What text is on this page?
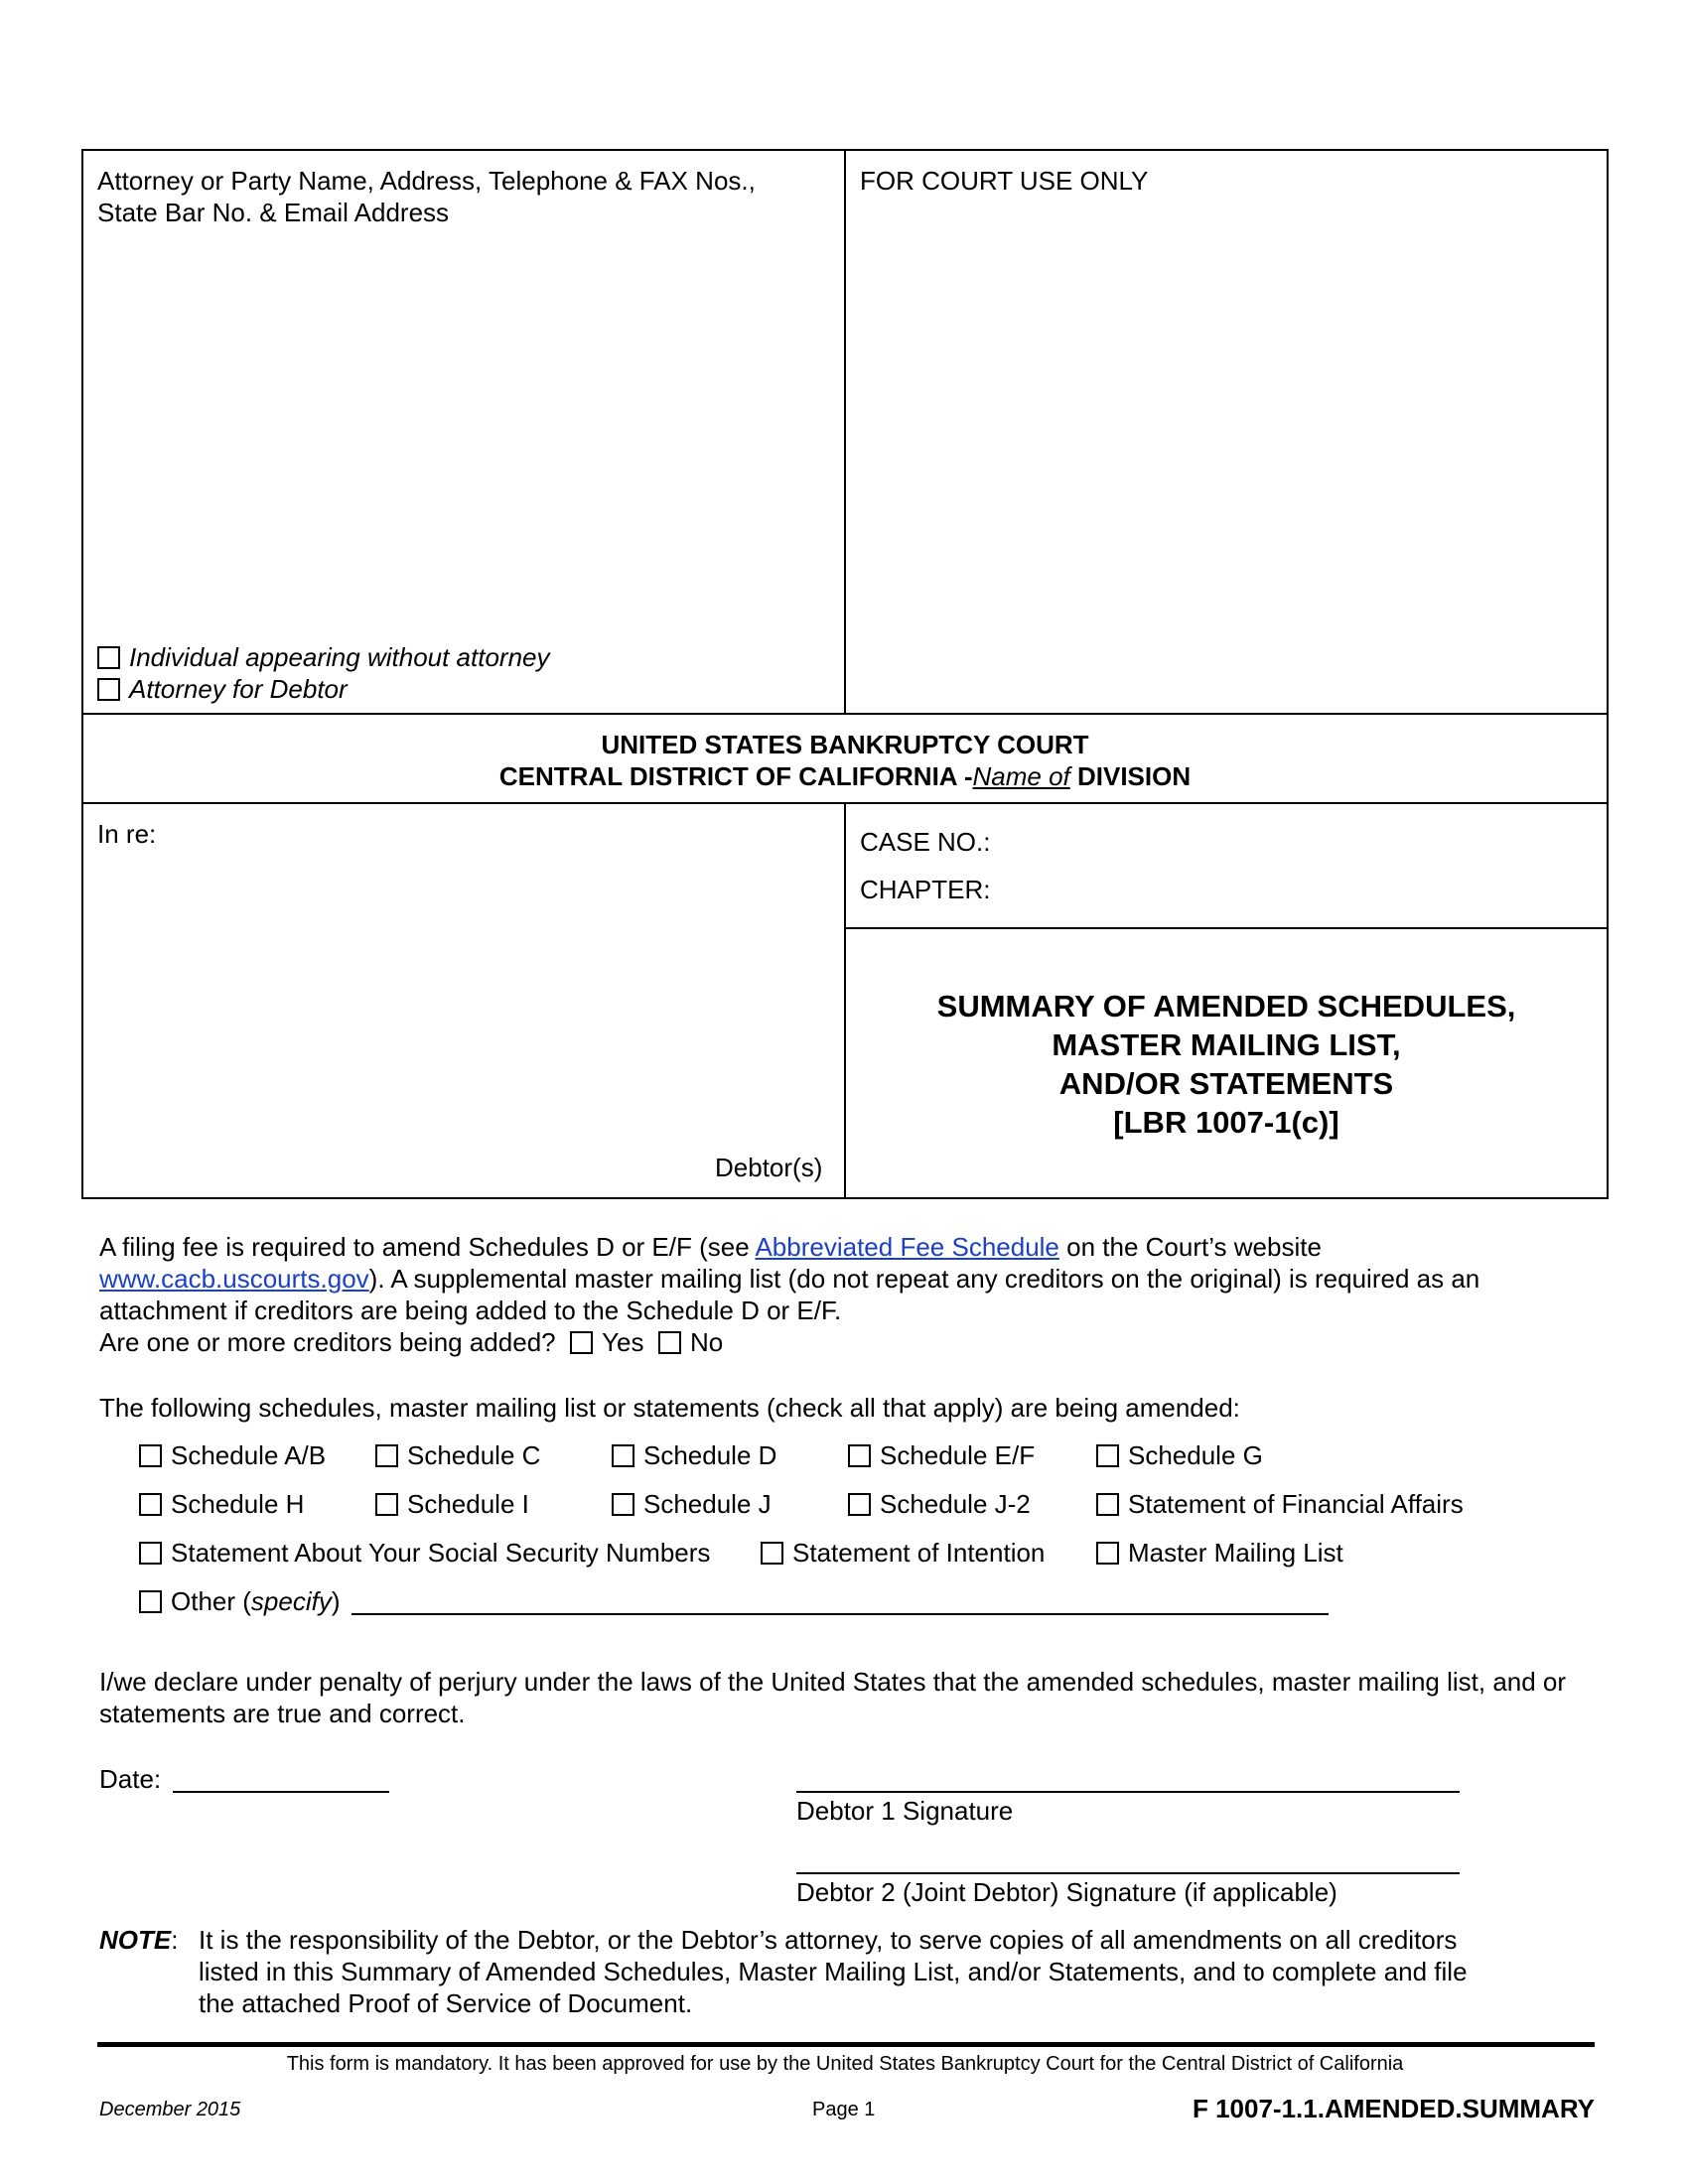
Attorney or Party Name, Address, Telephone & FAX Nos.,
State Bar No. & Email Address
FOR COURT USE ONLY
Individual appearing without attorney
Attorney for Debtor
UNITED STATES BANKRUPTCY COURT
CENTRAL DISTRICT OF CALIFORNIA -Name of DIVISION
In re:
Debtor(s)
CASE NO.:
CHAPTER:
SUMMARY OF AMENDED SCHEDULES,
MASTER MAILING LIST,
AND/OR STATEMENTS
[LBR 1007-1(c)]
A filing fee is required to amend Schedules D or E/F (see Abbreviated Fee Schedule on the Court’s website
www.cacb.uscourts.gov). A supplemental master mailing list (do not repeat any creditors on the original) is required as an
attachment if creditors are being added to the Schedule D or E/F.
Are one or more creditors being added? Yes No
The following schedules, master mailing list or statements (check all that apply) are being amended:
Schedule A/B	Schedule C	Schedule D	Schedule E/F	Schedule G
Schedule H	Schedule I	Schedule J	Schedule J-2	Statement of Financial Affairs
Statement About Your Social Security Numbers	Statement of Intention	Master Mailing List
Other (specify)
I/we declare under penalty of perjury under the laws of the United States that the amended schedules, master mailing list, and or
statements are true and correct.
Date:
Debtor 1 Signature
Debtor 2 (Joint Debtor) Signature (if applicable)
NOTE: It is the responsibility of the Debtor, or the Debtor’s attorney, to serve copies of all amendments on all creditors
listed in this Summary of Amended Schedules, Master Mailing List, and/or Statements, and to complete and file
the attached Proof of Service of Document.
This form is mandatory. It has been approved for use by the United States Bankruptcy Court for the Central District of California
December 2015	Page 1	F 1007-1.1.AMENDED.SUMMARY
